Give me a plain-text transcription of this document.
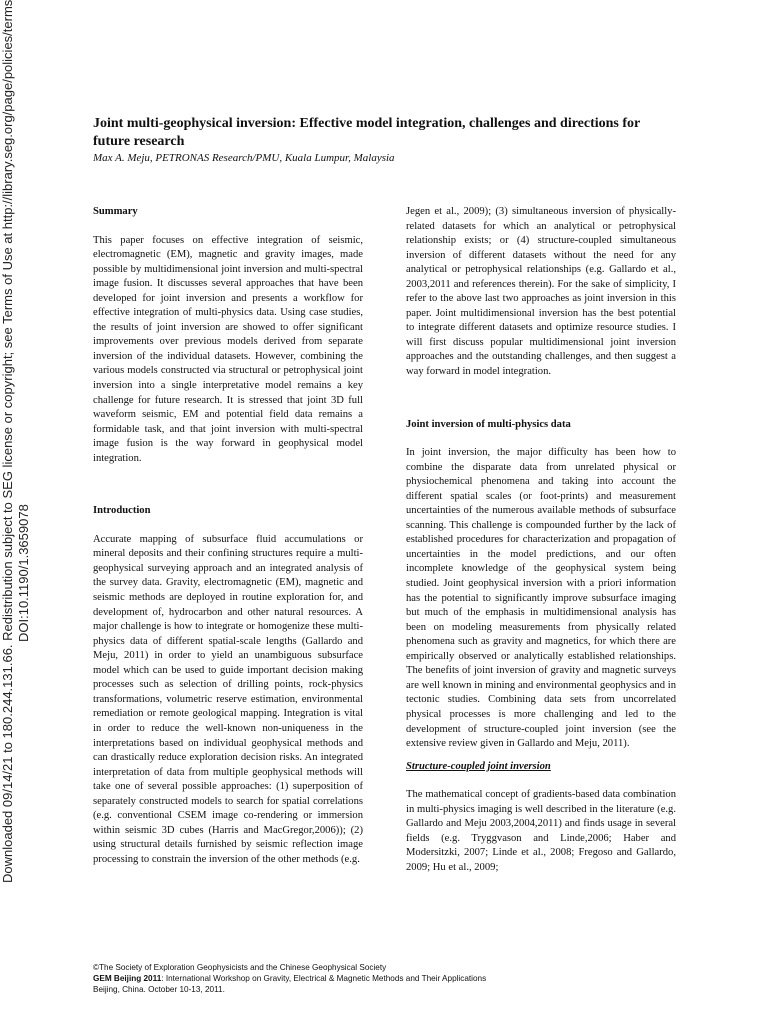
Downloaded 09/14/21 to 180.244.131.66. Redistribution subject to SEG license or copyright; see Terms of Use at http://library.seg.org/page/policies/terms DOI:10.1190/1.3659078
Joint multi-geophysical inversion: Effective model integration, challenges and directions for future research
Max A. Meju, PETRONAS Research/PMU, Kuala Lumpur, Malaysia
Summary

This paper focuses on effective integration of seismic, electromagnetic (EM), magnetic and gravity images, made possible by multidimensional joint inversion and multi-spectral image fusion. It discusses several approaches that have been developed for joint inversion and presents a workflow for effective integration of multi-physics data. Using case studies, the results of joint inversion are showed to offer significant improvements over previous models derived from separate inversion of the individual datasets. However, combining the various models constructed via structural or petrophysical joint inversion into a single interpretative model remains a key challenge for future research. It is stressed that joint 3D full waveform seismic, EM and potential field data remains a formidable task, and that joint inversion with multi-spectral image fusion is the way forward in geophysical model integration.

Introduction

Accurate mapping of subsurface fluid accumulations or mineral deposits and their confining structures require a multi-geophysical surveying approach and an integrated analysis of the survey data. Gravity, electromagnetic (EM), magnetic and seismic methods are deployed in routine exploration for, and development of, hydrocarbon and other natural resources. A major challenge is how to integrate or homogenize these multi-physics data of different spatial-scale lengths (Gallardo and Meju, 2011) in order to yield an unambiguous subsurface model which can be used to guide important decision making processes such as selection of drilling points, rock-physics transformations, volumetric reserve estimation, environmental remediation or remote geological mapping. Integration is vital in order to reduce the well-known non-uniqueness in the interpretations based on individual geophysical methods and can drastically reduce exploration decision risks. An integrated interpretation of data from multiple geophysical methods will take one of several possible approaches: (1) superposition of separately constructed models to search for spatial correlations (e.g. conventional CSEM image co-rendering or immersion within seismic 3D cubes (Harris and MacGregor,2006)); (2) using structural details furnished by seismic reflection image processing to constrain the inversion of the other methods (e.g.

Jegen et al., 2009); (3) simultaneous inversion of physically-related datasets for which an analytical or petrophysical relationship exists; or (4) structure-coupled simultaneous inversion of different datasets without the need for any analytical or petrophysical relationships (e.g. Gallardo et al., 2003,2011 and references therein). For the sake of simplicity, I refer to the above last two approaches as joint inversion in this paper. Joint multidimensional inversion has the best potential to integrate different datasets and optimize resource studies. I will first discuss popular multidimensional joint inversion approaches and the outstanding challenges, and then suggest a way forward in model integration.

Joint inversion of multi-physics data

In joint inversion, the major difficulty has been how to combine the disparate data from unrelated physical or physiochemical phenomena and taking into account the different spatial scales (or foot-prints) and measurement uncertainties of the numerous available methods of subsurface scanning. This challenge is compounded further by the lack of established procedures for characterization and propagation of uncertainties in the model predictions, and our often incomplete knowledge of the geophysical system being studied. Joint geophysical inversion with a priori information has the potential to significantly improve subsurface imaging but much of the emphasis in multidimensional analysis has been on modeling measurements from physically related phenomena such as gravity and magnetics, for which there are empirically observed or analytically established relationships. The benefits of joint inversion of gravity and magnetic surveys are well known in mining and environmental geophysics and in tectonic studies. Combining data sets from uncorrelated physical processes is more challenging and led to the development of structure-coupled joint inversion (see the extensive review given in Gallardo and Meju, 2011).

Structure-coupled joint inversion

The mathematical concept of gradients-based data combination in multi-physics imaging is well described in the literature (e.g. Gallardo and Meju 2003,2004,2011) and finds usage in several fields (e.g. Tryggvason and Linde,2006; Haber and Modersitzki, 2007; Linde et al., 2008; Fregoso and Gallardo, 2009; Hu et al., 2009;

©The Society of Exploration Geophysicists and the Chinese Geophysical Society
GEM Beijing 2011: International Workshop on Gravity, Electrical & Magnetic Methods and Their Applications
Beijing, China. October 10-13, 2011.
